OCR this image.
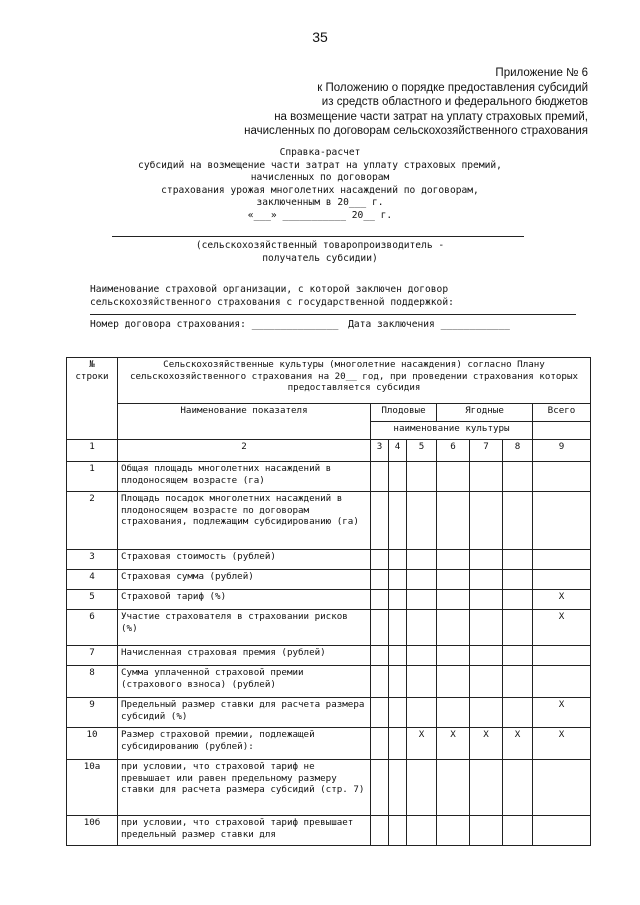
35
Приложение № 6
к Положению о порядке предоставления субсидий
из средств областного и федерального бюджетов
на возмещение части затрат на уплату страховых премий,
начисленных по договорам сельскохозяйственного страхования
Справка-расчет
субсидий на возмещение части затрат на уплату страховых премий,
начисленных по договорам
страхования урожая многолетних насаждений по договорам,
заключенным в 20___ г.
«___» ___________ 20__ г.
(сельскохозяйственный товаропроизводитель -
получатель субсидии)
Наименование страховой организации, с которой заключен договор
сельскохозяйственного страхования с государственной поддержкой:
Номер договора страхования: _______________ Дата заключения ____________
№ строки	Сельскохозяйственные культуры (многолетние насаждения) согласно Плану сельскохозяйственного страхования на 20__ год, при проведении страхования которых предоставляется субсидия							
	Наименование показателя	Плодовые			Ягодные			Всего
		наименование культуры						
1	2	3	4	5	6	7	8	9
1	Общая площадь многолетних насаждений в плодоносящем возрасте (га)							
2	Площадь посадок многолетних насаждений в плодоносящем возрасте по договорам страхования, подлежащим субсидированию (га)							
3	Страховая стоимость (рублей)							
4	Страховая сумма (рублей)							
5	Страховой тариф (%)							X
6	Участие страхователя в страховании рисков (%)							X
7	Начисленная страховая премия (рублей)							
8	Сумма уплаченной страховой премии (страхового взноса) (рублей)							
9	Предельный размер ставки для расчета размера субсидий (%)							X
10	Размер страховой премии, подлежащей субсидированию (рублей):			X	X	X	X	X
10а	при условии, что страховой тариф не превышает или равен предельному размеру ставки для расчета размера субсидий (стр. 7)							
10б	при условии, что страховой тариф превышает предельный размер ставки для							
